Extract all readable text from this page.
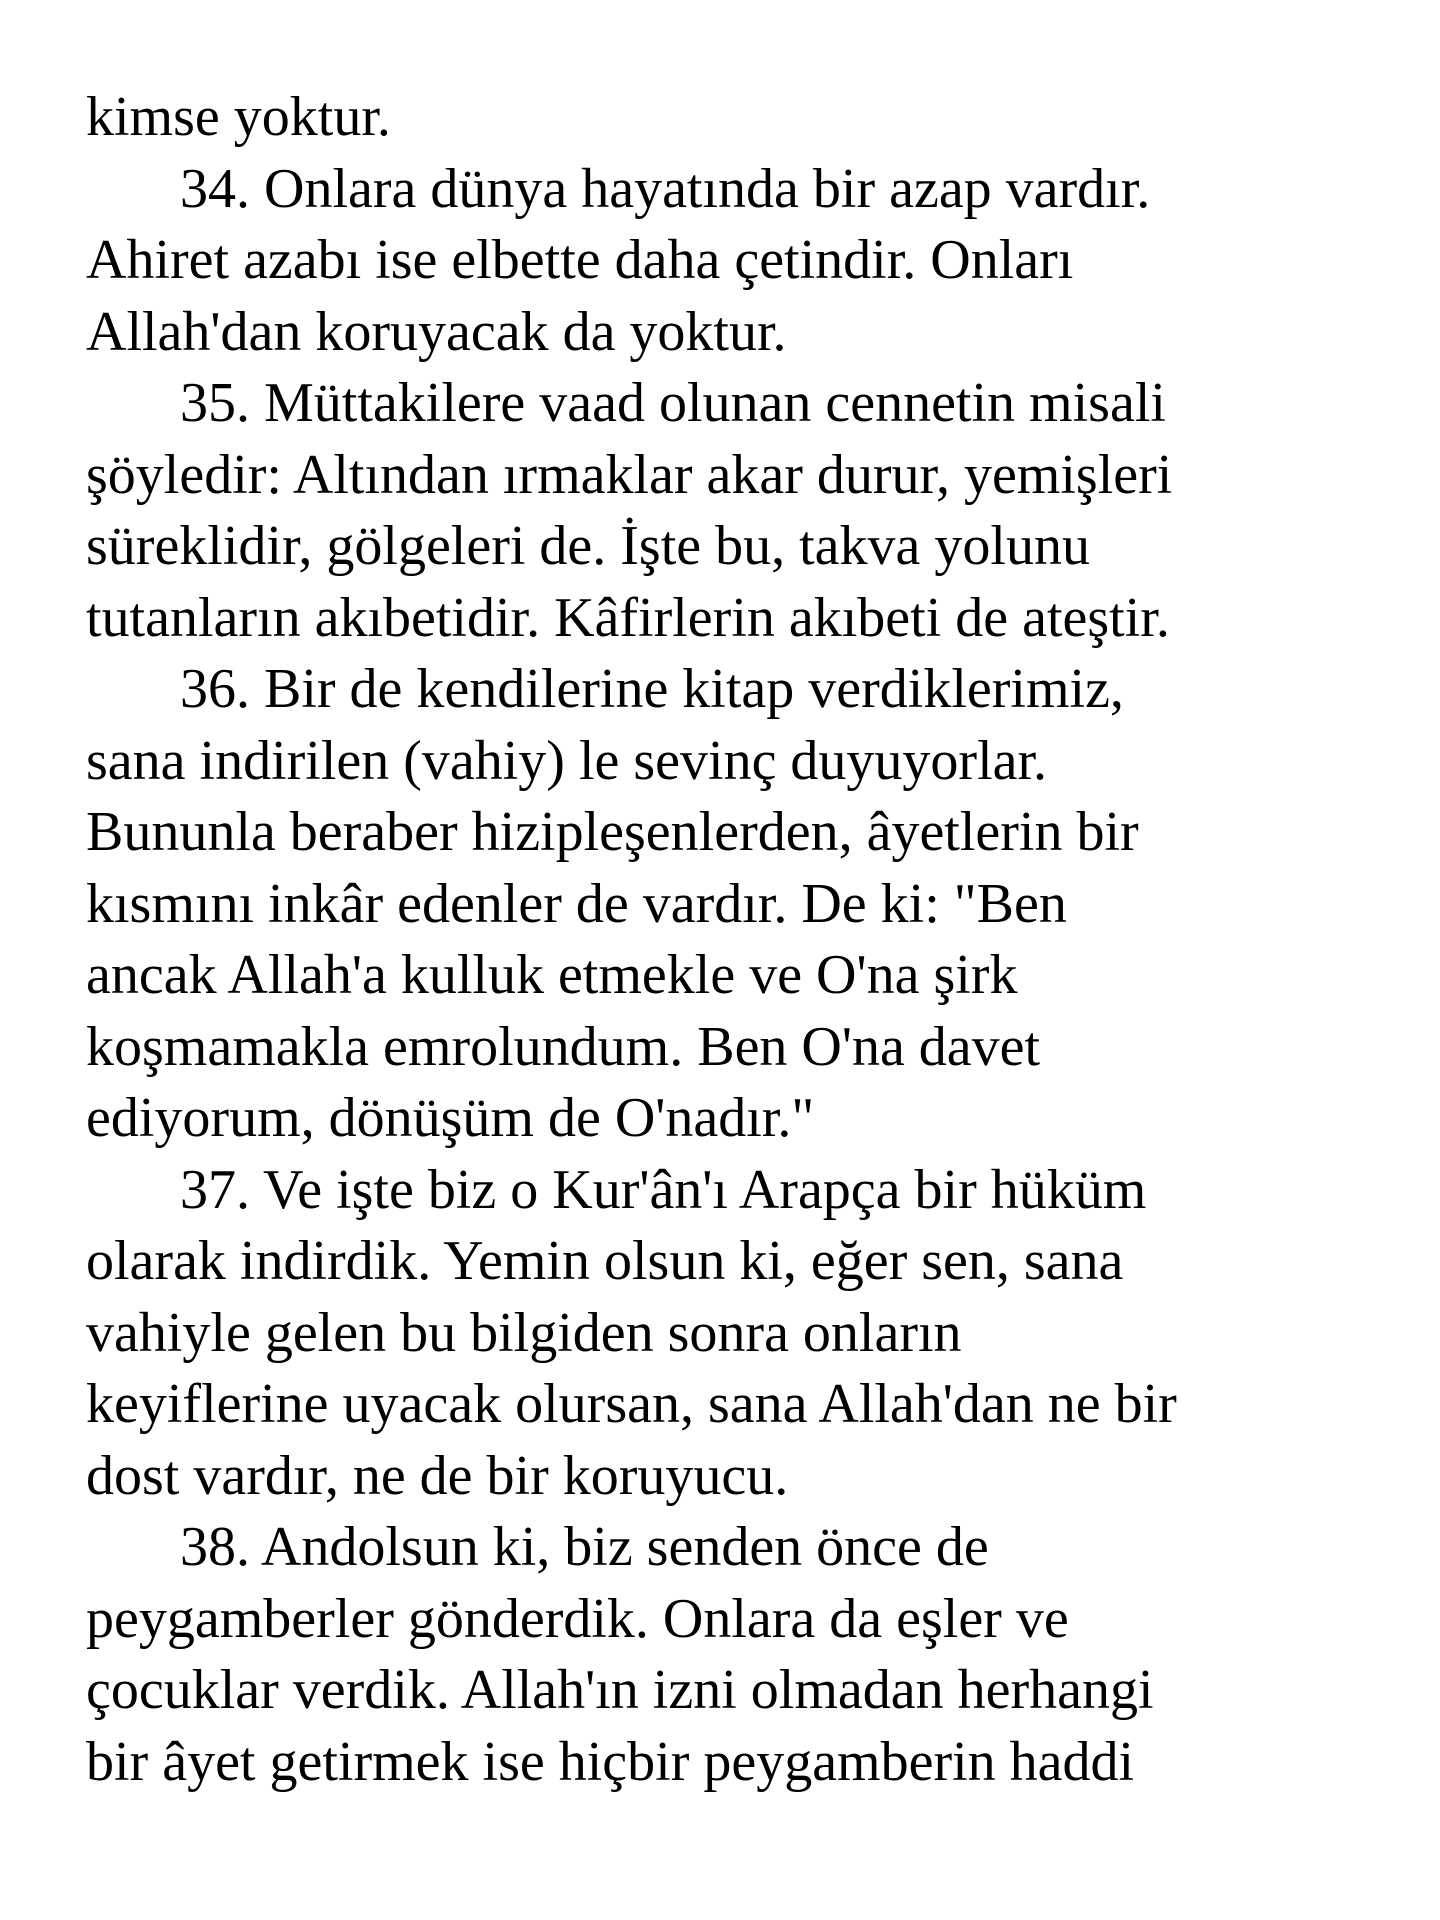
kimse yoktur.
34. Onlara dünya hayatında bir azap vardır.
Ahiret azabı ise elbette daha çetindir. Onları
Allah'dan koruyacak da yoktur.
35. Müttakilere vaad olunan cennetin misali
şöyledir: Altından ırmaklar akar durur, yemişleri
süreklidir, gölgeleri de. İşte bu, takva yolunu
tutanların akıbetidir. Kâfirlerin akıbeti de ateştir.
36. Bir de kendilerine kitap verdiklerimiz,
sana indirilen (vahiy) le sevinç duyuyorlar.
Bununla beraber hizipleşenlerden, âyetlerin bir
kısmını inkâr edenler de vardır. De ki: "Ben
ancak Allah'a kulluk etmekle ve O'na şirk
koşmamakla emrolundum. Ben O'na davet
ediyorum, dönüşüm de O'nadır."
37. Ve işte biz o Kur'ân'ı Arapça bir hüküm
olarak indirdik. Yemin olsun ki, eğer sen, sana
vahiyle gelen bu bilgiden sonra onların
keyiflerine uyacak olursan, sana Allah'dan ne bir
dost vardır, ne de bir koruyucu.
38. Andolsun ki, biz senden önce de
peygamberler gönderdik. Onlara da eşler ve
çocuklar verdik. Allah'ın izni olmadan herhangi
bir âyet getirmek ise hiçbir peygamberin haddi
